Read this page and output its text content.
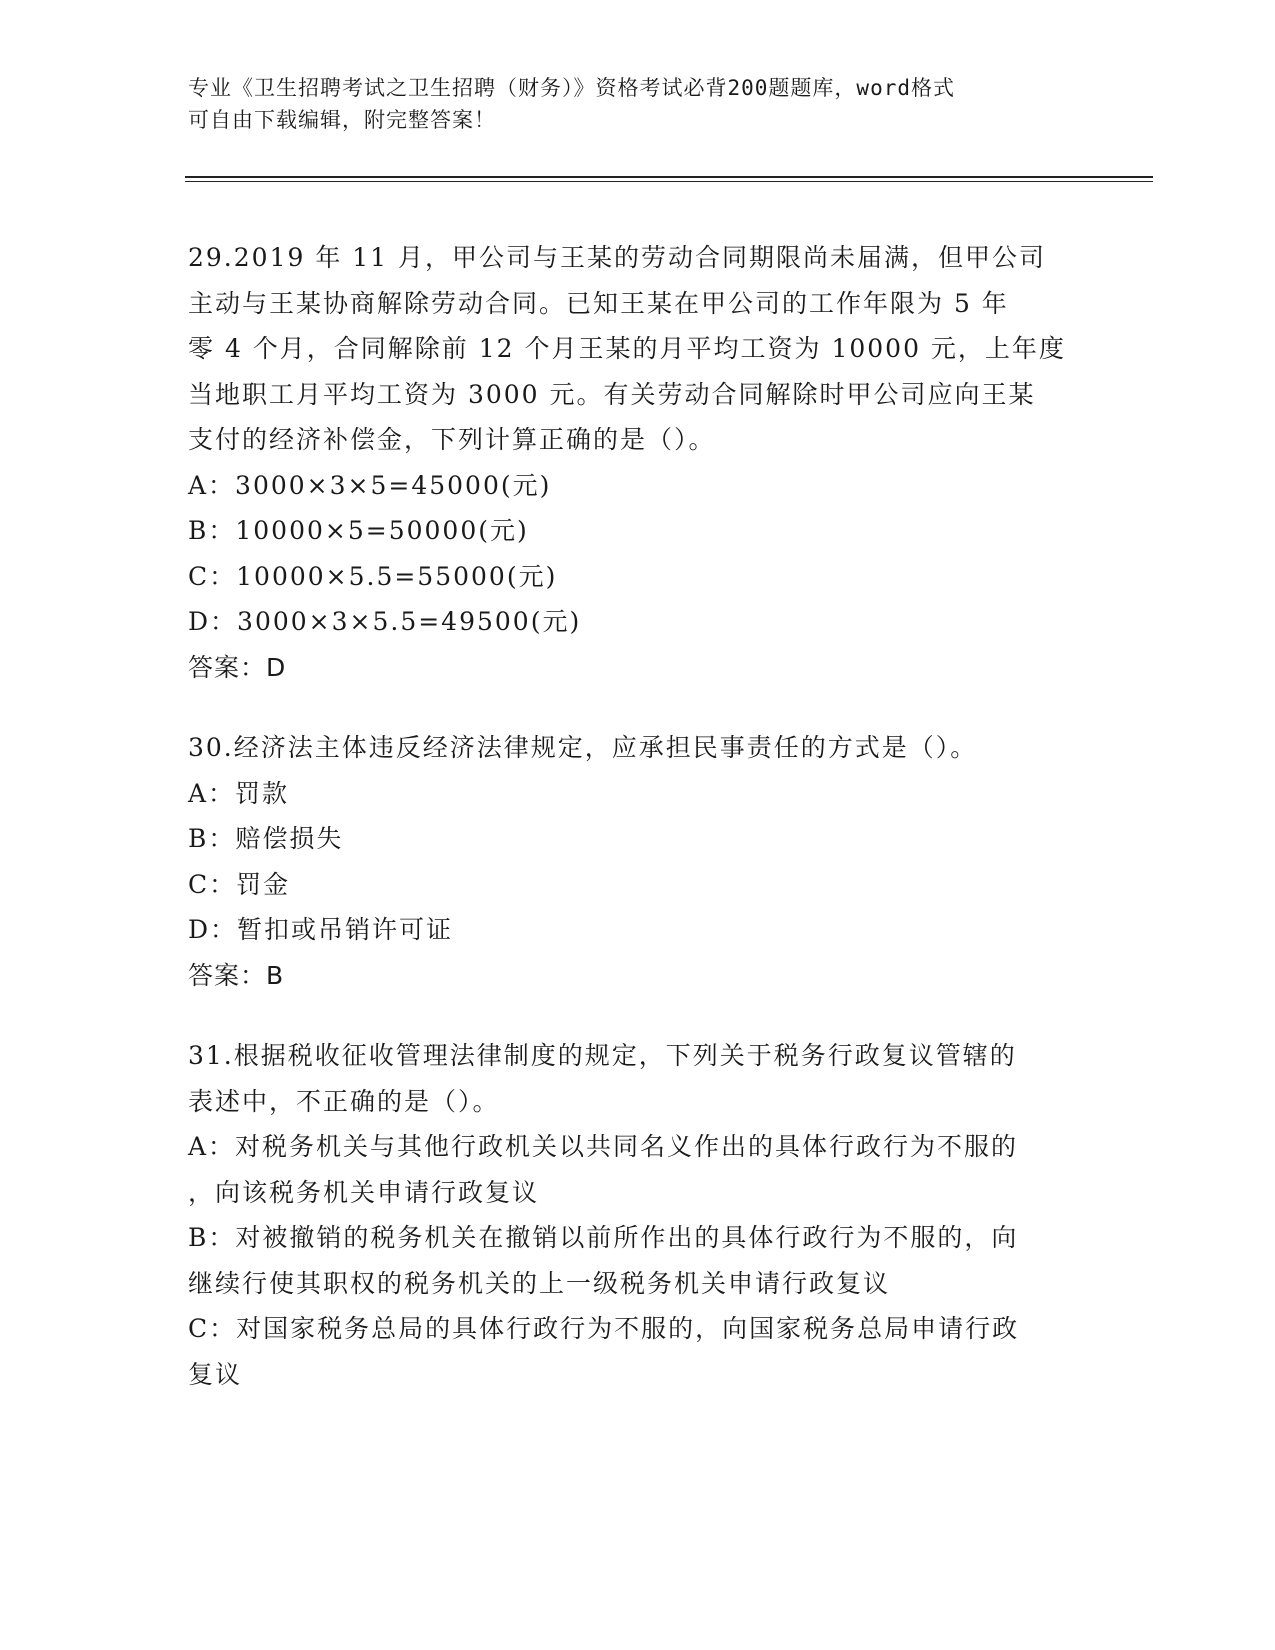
专业《卫生招聘考试之卫生招聘（财务）》资格考试必背200题题库，word格式
可自由下载编辑，附完整答案！
29.2019 年 11 月，甲公司与王某的劳动合同期限尚未届满，但甲公司
主动与王某协商解除劳动合同。已知王某在甲公司的工作年限为 5 年
零 4 个月，合同解除前 12 个月王某的月平均工资为 10000 元，上年度
当地职工月平均工资为 3000 元。有关劳动合同解除时甲公司应向王某
支付的经济补偿金，下列计算正确的是（）。
A：3000×3×5=45000(元)
B：10000×5=50000(元)
C：10000×5.5=55000(元)
D：3000×3×5.5=49500(元)
答案：D
30.经济法主体违反经济法律规定，应承担民事责任的方式是（）。
A：罚款
B：赔偿损失
C：罚金
D：暂扣或吊销许可证
答案：B
31.根据税收征收管理法律制度的规定，下列关于税务行政复议管辖的
表述中，不正确的是（）。
A：对税务机关与其他行政机关以共同名义作出的具体行政行为不服的
，向该税务机关申请行政复议
B：对被撤销的税务机关在撤销以前所作出的具体行政行为不服的，向
继续行使其职权的税务机关的上一级税务机关申请行政复议
C：对国家税务总局的具体行政行为不服的，向国家税务总局申请行政
复议
